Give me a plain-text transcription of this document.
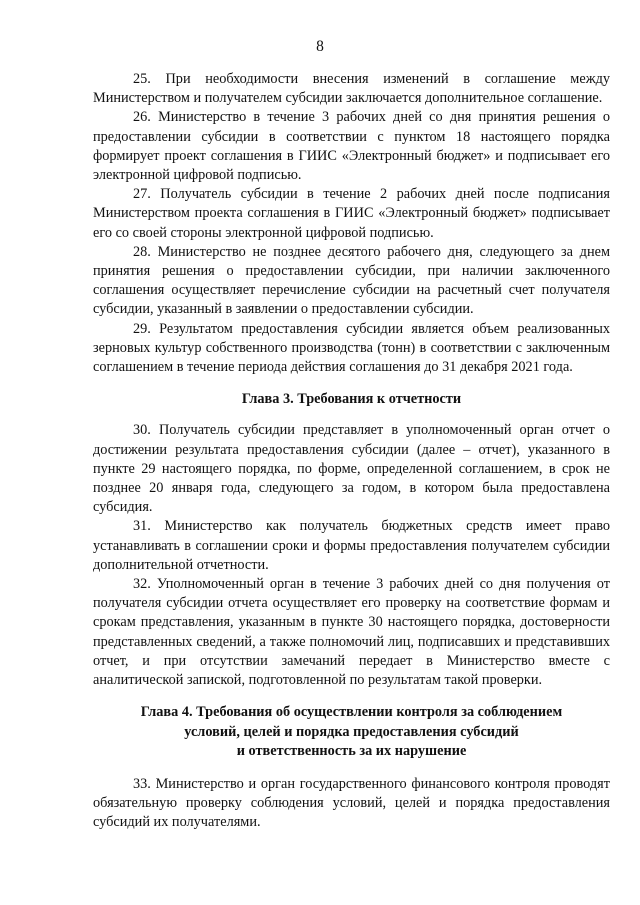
8

25. При необходимости внесения изменений в соглашение между Министерством и получателем субсидии заключается дополнительное соглашение.

26. Министерство в течение 3 рабочих дней со дня принятия решения о предоставлении субсидии в соответствии с пунктом 18 настоящего порядка формирует проект соглашения в ГИИС «Электронный бюджет» и подписывает его электронной цифровой подписью.

27. Получатель субсидии в течение 2 рабочих дней после подписания Министерством проекта соглашения в ГИИС «Электронный бюджет» подписывает его со своей стороны электронной цифровой подписью.

28. Министерство не позднее десятого рабочего дня, следующего за днем принятия решения о предоставлении субсидии, при наличии заключенного соглашения осуществляет перечисление субсидии на расчетный счет получателя субсидии, указанный в заявлении о предоставлении субсидии.

29. Результатом предоставления субсидии является объем реализованных зерновых культур собственного производства (тонн) в соответствии с заключенным соглашением в течение периода действия соглашения до 31 декабря 2021 года.

Глава 3. Требования к отчетности

30. Получатель субсидии представляет в уполномоченный орган отчет о достижении результата предоставления субсидии (далее – отчет), указанного в пункте 29 настоящего порядка, по форме, определенной соглашением, в срок не позднее 20 января года, следующего за годом, в котором была предоставлена субсидия.

31. Министерство как получатель бюджетных средств имеет право устанавливать в соглашении сроки и формы предоставления получателем субсидии дополнительной отчетности.

32. Уполномоченный орган в течение 3 рабочих дней со дня получения от получателя субсидии отчета осуществляет его проверку на соответствие формам и срокам представления, указанным в пункте 30 настоящего порядка, достоверности представленных сведений, а также полномочий лиц, подписавших и представивших отчет, и при отсутствии замечаний передает в Министерство вместе с аналитической запиской, подготовленной по результатам такой проверки.

Глава 4. Требования об осуществлении контроля за соблюдением
условий, целей и порядка предоставления субсидий
и ответственность за их нарушение

33. Министерство и орган государственного финансового контроля проводят обязательную проверку соблюдения условий, целей и порядка предоставления субсидий их получателями.
